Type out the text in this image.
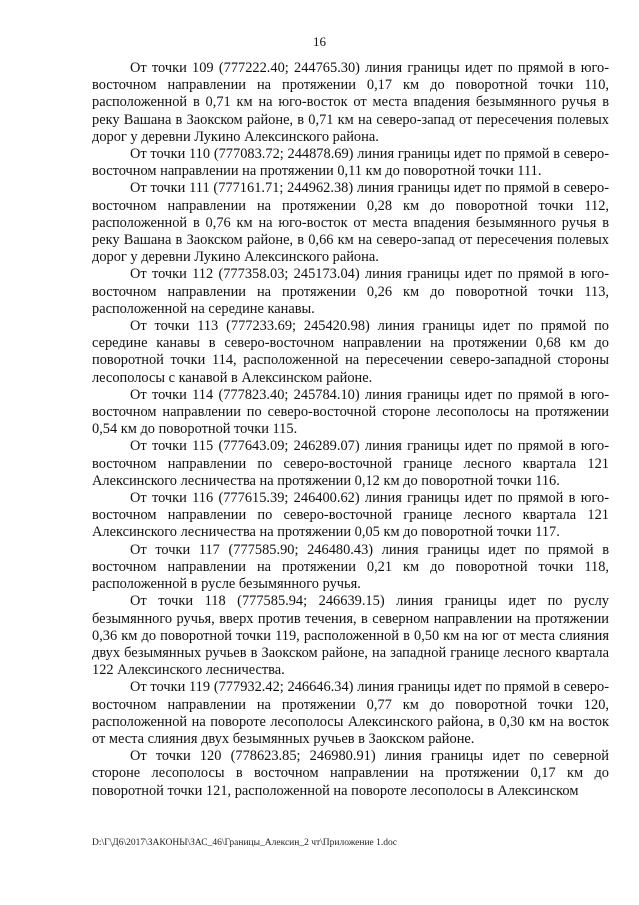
16

От точки 109 (777222.40; 244765.30) линия границы идет по прямой в юго-восточном направлении на протяжении 0,17 км до поворотной точки 110, расположенной в 0,71 км на юго-восток от места впадения безымянного ручья в реку Вашана в Заокском районе, в 0,71 км на северо-запад от пересечения полевых дорог у деревни Лукино Алексинского района.

От точки 110 (777083.72; 244878.69) линия границы идет по прямой в северо-восточном направлении на протяжении 0,11 км до поворотной точки 111.

От точки 111 (777161.71; 244962.38) линия границы идет по прямой в северо-восточном направлении на протяжении 0,28 км до поворотной точки 112, расположенной в 0,76 км на юго-восток от места впадения безымянного ручья в реку Вашана в Заокском районе, в 0,66 км на северо-запад от пересечения полевых дорог у деревни Лукино Алексинского района.

От точки 112 (777358.03; 245173.04) линия границы идет по прямой в юго-восточном направлении на протяжении 0,26 км до поворотной точки 113, расположенной на середине канавы.

От точки 113 (777233.69; 245420.98) линия границы идет по прямой по середине канавы в северо-восточном направлении на протяжении 0,68 км до поворотной точки 114, расположенной на пересечении северо-западной стороны лесополосы с канавой в Алексинском районе.

От точки 114 (777823.40; 245784.10) линия границы идет по прямой в юго-восточном направлении по северо-восточной стороне лесополосы на протяжении 0,54 км до поворотной точки 115.

От точки 115 (777643.09; 246289.07) линия границы идет по прямой в юго-восточном направлении по северо-восточной границе лесного квартала 121 Алексинского лесничества на протяжении 0,12 км до поворотной точки 116.

От точки 116 (777615.39; 246400.62) линия границы идет по прямой в юго-восточном направлении по северо-восточной границе лесного квартала 121 Алексинского лесничества на протяжении 0,05 км до поворотной точки 117.

От точки 117 (777585.90; 246480.43) линия границы идет по прямой в восточном направлении на протяжении 0,21 км до поворотной точки 118, расположенной в русле безымянного ручья.

От точки 118 (777585.94; 246639.15) линия границы идет по руслу безымянного ручья, вверх против течения, в северном направлении на протяжении 0,36 км до поворотной точки 119, расположенной в 0,50 км на юг от места слияния двух безымянных ручьев в Заокском районе, на западной границе лесного квартала 122 Алексинского лесничества.

От точки 119 (777932.42; 246646.34) линия границы идет по прямой в северо-восточном направлении на протяжении 0,77 км до поворотной точки 120, расположенной на повороте лесополосы Алексинского района, в 0,30 км на восток от места слияния двух безымянных ручьев в Заокском районе.

От точки 120 (778623.85; 246980.91) линия границы идет по северной стороне лесополосы в восточном направлении на протяжении 0,17 км до поворотной точки 121, расположенной на повороте лесополосы в Алексинском

D:\Г\Д6\2017\ЗАКОНЫ\ЗАС_46\Границы_Алексин_2 чт\Приложение 1.doc
